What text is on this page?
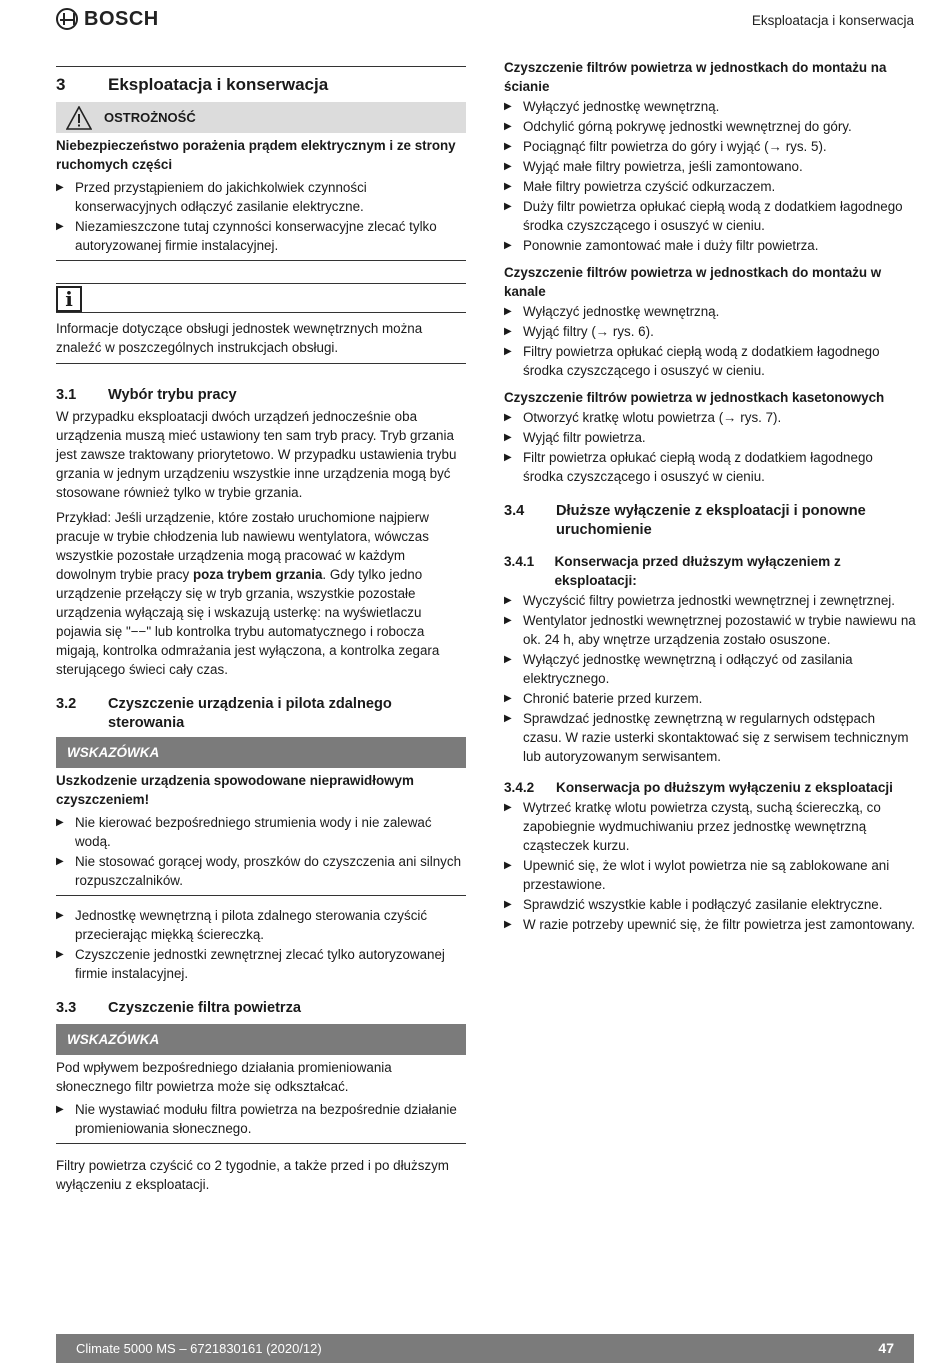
BOSCH	Eksploatacja i konserwacja
3	Eksploatacja i konserwacja
OSTROŻNOŚĆ
Niebezpieczeństwo porażenia prądem elektrycznym i ze strony ruchomych części
▶ Przed przystąpieniem do jakichkolwiek czynności konserwacyjnych odłączyć zasilanie elektryczne.
▶ Niezamieszczone tutaj czynności konserwacyjne zlecać tylko autoryzowanej firmie instalacyjnej.
i
Informacje dotyczące obsługi jednostek wewnętrznych można znaleźć w poszczególnych instrukcjach obsługi.
3.1	Wybór trybu pracy

W przypadku eksploatacji dwóch urządzeń jednocześnie oba urządzenia muszą mieć ustawiony ten sam tryb pracy. Tryb grzania jest zawsze traktowany priorytetowo. W przypadku ustawienia trybu grzania w jednym urządzeniu wszystkie inne urządzenia mogą być stosowane również tylko w trybie grzania.

Przykład: Jeśli urządzenie, które zostało uruchomione najpierw pracuje w trybie chłodzenia lub nawiewu wentylatora, wówczas wszystkie pozostałe urządzenia mogą pracować w każdym dowolnym trybie pracy poza trybem grzania. Gdy tylko jedno urządzenie przełączy się w tryb grzania, wszystkie pozostałe urządzenia wyłączają się i wskazują usterkę: na wyświetlaczu pojawia się "−−" lub kontrolka trybu automatycznego i robocza migają, kontrolka odmrażania jest wyłączona, a kontrolka zegara sterującego świeci cały czas.

3.2	Czyszczenie urządzenia i pilota zdalnego sterowania
WSKAZÓWKA
Uszkodzenie urządzenia spowodowane nieprawidłowym czyszczeniem!
▶ Nie kierować bezpośredniego strumienia wody i nie zalewać wodą.
▶ Nie stosować gorącej wody, proszków do czyszczenia ani silnych rozpuszczalników.
▶ Jednostkę wewnętrzną i pilota zdalnego sterowania czyścić przecierając miękką ściereczką.
▶ Czyszczenie jednostki zewnętrznej zlecać tylko autoryzowanej firmie instalacyjnej.
3.3	Czyszczenie filtra powietrza
WSKAZÓWKA
Pod wpływem bezpośredniego działania promieniowania słonecznego filtr powietrza może się odkształcać.
▶ Nie wystawiać modułu filtra powietrza na bezpośrednie działanie promieniowania słonecznego.

Filtry powietrza czyścić co 2 tygodnie, a także przed i po dłuższym wyłączeniu z eksploatacji.

Czyszczenie filtrów powietrza w jednostkach do montażu na ścianie
▶ Wyłączyć jednostkę wewnętrzną.
▶ Odchylić górną pokrywę jednostki wewnętrznej do góry.
▶ Pociągnąć filtr powietrza do góry i wyjąć (→ rys. 5).
▶ Wyjąć małe filtry powietrza, jeśli zamontowano.
▶ Małe filtry powietrza czyścić odkurzaczem.
▶ Duży filtr powietrza opłukać ciepłą wodą z dodatkiem łagodnego środka czyszczącego i osuszyć w cieniu.
▶ Ponownie zamontować małe i duży filtr powietrza.
Czyszczenie filtrów powietrza w jednostkach do montażu w kanale
▶ Wyłączyć jednostkę wewnętrzną.
▶ Wyjąć filtry (→ rys. 6).
▶ Filtry powietrza opłukać ciepłą wodą z dodatkiem łagodnego środka czyszczącego i osuszyć w cieniu.
Czyszczenie filtrów powietrza w jednostkach kasetonowych
▶ Otworzyć kratkę wlotu powietrza (→ rys. 7).
▶ Wyjąć filtr powietrza.
▶ Filtr powietrza opłukać ciepłą wodą z dodatkiem łagodnego środka czyszczącego i osuszyć w cieniu.
3.4	Dłuższe wyłączenie z eksploatacji i ponowne uruchomienie
3.4.1	Konserwacja przed dłuższym wyłączeniem z eksploatacji:
▶ Wyczyścić filtry powietrza jednostki wewnętrznej i zewnętrznej.
▶ Wentylator jednostki wewnętrznej pozostawić w trybie nawiewu na ok. 24 h, aby wnętrze urządzenia zostało osuszone.
▶ Wyłączyć jednostkę wewnętrzną i odłączyć od zasilania elektrycznego.
▶ Chronić baterie przed kurzem.
▶ Sprawdzać jednostkę zewnętrzną w regularnych odstępach czasu. W razie usterki skontaktować się z serwisem technicznym lub autoryzowanym serwisantem.
3.4.2	Konserwacja po dłuższym wyłączeniu z eksploatacji
▶ Wytrzeć kratkę wlotu powietrza czystą, suchą ściereczką, co zapobiegnie wydmuchiwaniu przez jednostkę wewnętrzną cząsteczek kurzu.
▶ Upewnić się, że wlot i wylot powietrza nie są zablokowane ani przestawione.
▶ Sprawdzić wszystkie kable i podłączyć zasilanie elektryczne.
▶ W razie potrzeby upewnić się, że filtr powietrza jest zamontowany.
Climate 5000 MS – 6721830161 (2020/12)	47
